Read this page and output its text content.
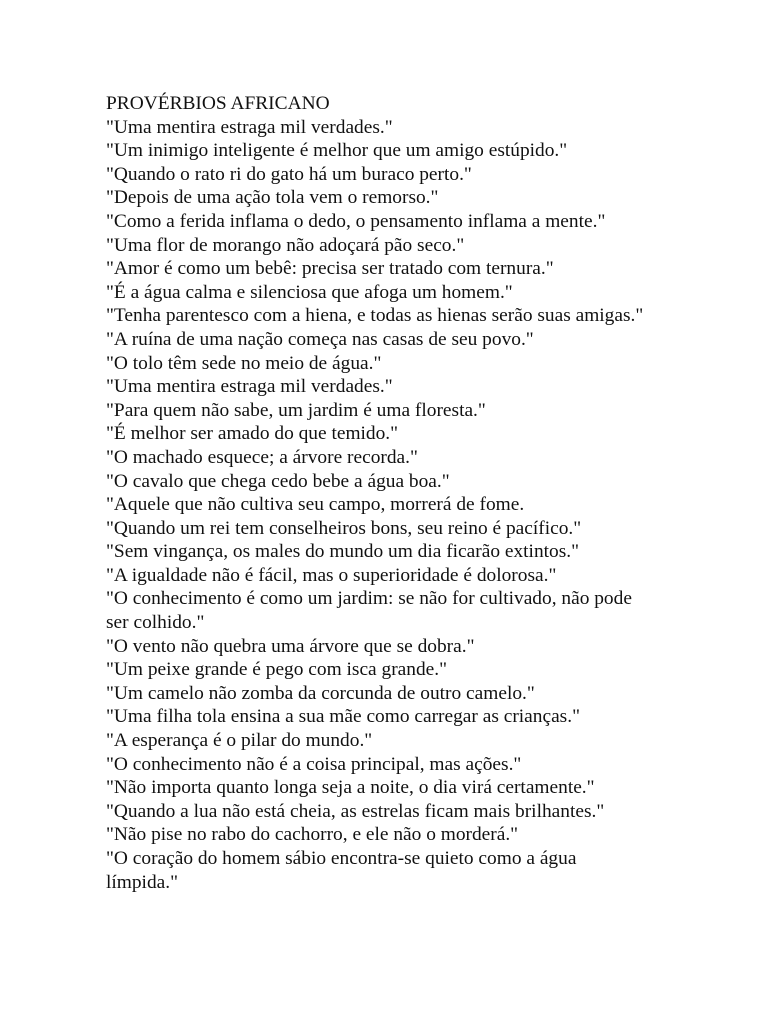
PROVÉRBIOS AFRICANO

"Uma mentira estraga mil verdades."

"Um inimigo inteligente é melhor que um amigo estúpido."

"Quando o rato ri do gato há um buraco perto."

"Depois de uma ação tola vem o remorso."

"Como a ferida inflama o dedo, o pensamento inflama a mente."

"Uma flor de morango não adoçará pão seco."

"Amor é como um bebê: precisa ser tratado com ternura."

"É a água calma e silenciosa que afoga um homem."

"Tenha parentesco com a hiena, e todas as hienas serão suas amigas."

"A ruína de uma nação começa nas casas de seu povo."

"O tolo têm sede no meio de água."

"Uma mentira estraga mil verdades."

"Para quem não sabe, um jardim é uma floresta."

"É melhor ser amado do que temido."

"O machado esquece; a árvore recorda."

"O cavalo que chega cedo bebe a água boa."

"Aquele que não cultiva seu campo, morrerá de fome.

"Quando um rei tem conselheiros bons, seu reino é pacífico."

"Sem vingança, os males do mundo um dia ficarão extintos."

"A igualdade não é fácil, mas o superioridade é dolorosa."

"O conhecimento é como um jardim: se não for cultivado, não pode ser colhido."

"O vento não quebra uma árvore que se dobra."

"Um peixe grande é pego com isca grande."

"Um camelo não zomba da corcunda de outro camelo."

"Uma filha tola ensina a sua mãe como carregar as crianças."

"A esperança é o pilar do mundo."

"O conhecimento não é a coisa principal, mas ações."

"Não importa quanto longa seja a noite, o dia virá certamente."

"Quando a lua não está cheia, as estrelas ficam mais brilhantes."

"Não pise no rabo do cachorro, e ele não o morderá."

"O coração do homem sábio encontra-se quieto como a água límpida."
